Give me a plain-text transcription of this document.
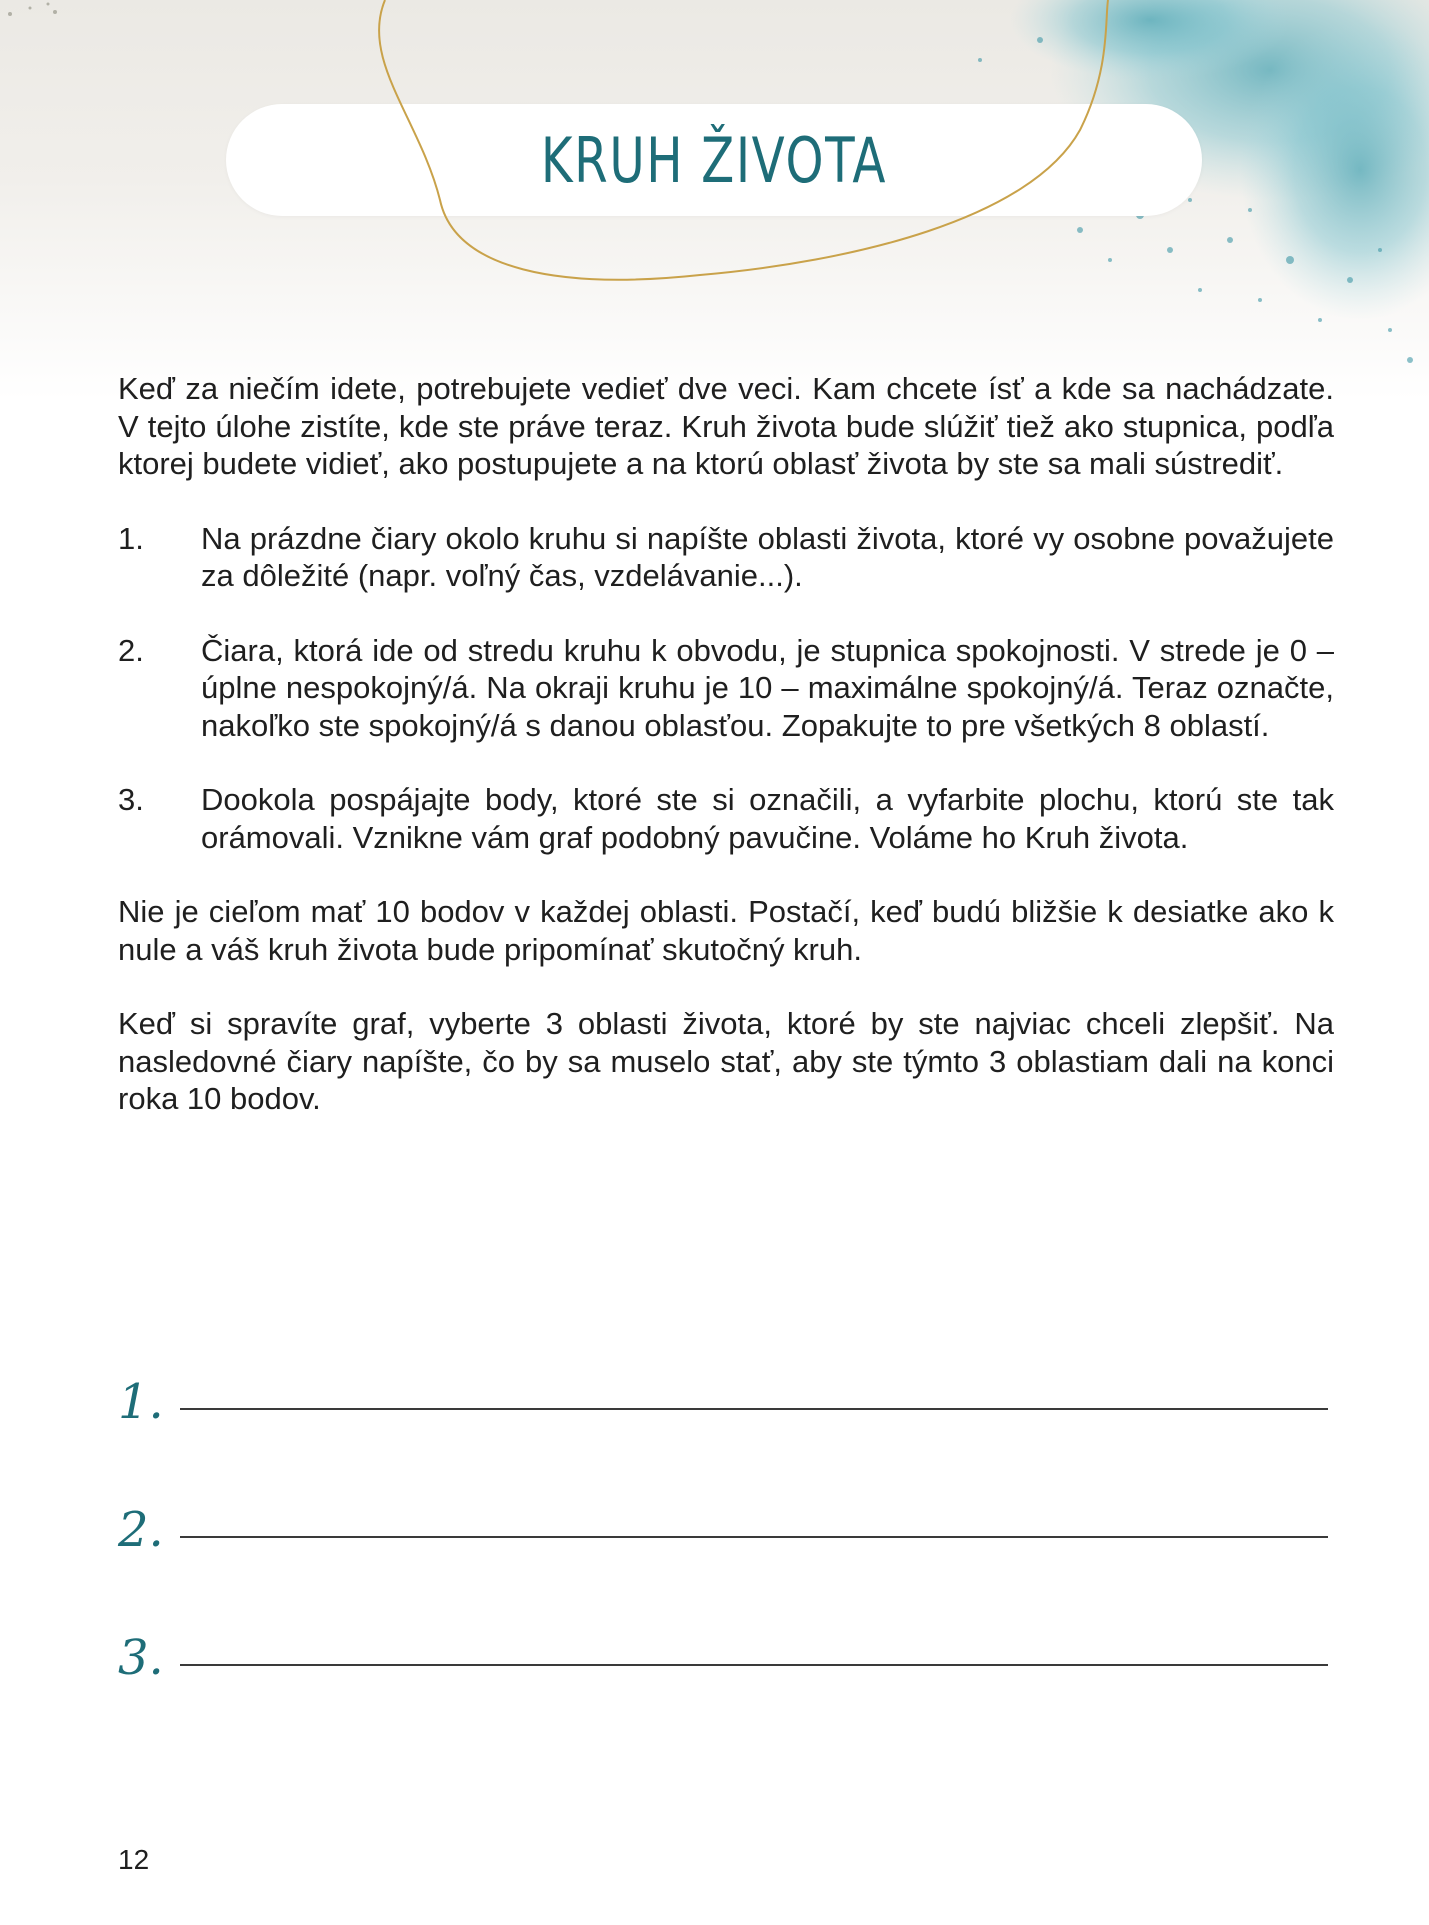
KRUH ŽIVOTA

Keď za niečím idete, potrebujete vedieť dve veci. Kam chcete ísť a kde sa nachádzate. V tejto úlohe zistíte, kde ste práve teraz. Kruh života bude slúžiť tiež ako stupnica, podľa ktorej budete vidieť, ako postupujete a na ktorú oblasť života by ste sa mali sústrediť.

1.	Na prázdne čiary okolo kruhu si napíšte oblasti života, ktoré vy osobne považujete za dôležité (napr. voľný čas, vzdelávanie...).
2.	Čiara, ktorá ide od stredu kruhu k obvodu, je stupnica spokojnosti. V strede je 0 – úplne nespokojný/á. Na okraji kruhu je 10 – maximálne spokojný/á. Teraz označte, nakoľko ste spokojný/á s danou oblasťou. Zopakujte to pre všetkých 8 oblastí.
3.	Dookola pospájajte body, ktoré ste si označili, a vyfarbite plochu, ktorú ste tak orámovali. Vznikne vám graf podobný pavučine. Voláme ho Kruh života.

Nie je cieľom mať 10 bodov v každej oblasti. Postačí, keď budú bližšie k desiatke ako k nule a váš kruh života bude pripomínať skutočný kruh.

Keď si spravíte graf, vyberte 3 oblasti života, ktoré by ste najviac chceli zlepšiť. Na nasledovné čiary napíšte, čo by sa muselo stať, aby ste týmto 3 oblastiam dali na konci roka 10 bodov.

1.
2.
3.
12
